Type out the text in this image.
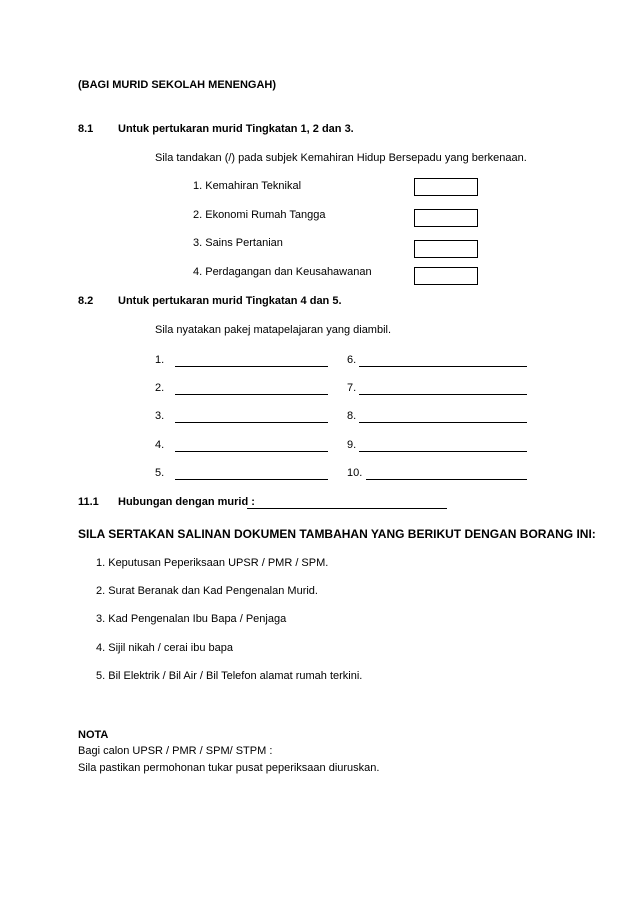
(BAGI MURID SEKOLAH MENENGAH)
8.1 Untuk pertukaran murid Tingkatan 1, 2 dan 3.
Sila tandakan (/) pada subjek Kemahiran Hidup Bersepadu yang berkenaan.
1. Kemahiran Teknikal
2. Ekonomi Rumah Tangga
3. Sains Pertanian
4. Perdagangan dan Keusahawanan
8.2 Untuk pertukaran murid Tingkatan 4 dan 5.
Sila nyatakan pakej matapelajaran yang diambil.
1.
2.
3.
4.
5.
6.
7.
8.
9.
10.
11.1 Hubungan dengan murid :
SILA SERTAKAN SALINAN DOKUMEN TAMBAHAN YANG BERIKUT DENGAN BORANG INI:
1. Keputusan Peperiksaan UPSR / PMR / SPM.
2. Surat Beranak dan Kad Pengenalan Murid.
3. Kad Pengenalan Ibu Bapa / Penjaga
4. Sijil nikah / cerai ibu bapa
5. Bil Elektrik / Bil Air / Bil Telefon alamat rumah terkini.
NOTA
Bagi calon UPSR / PMR / SPM/ STPM :
Sila pastikan permohonan tukar pusat peperiksaan diuruskan.
